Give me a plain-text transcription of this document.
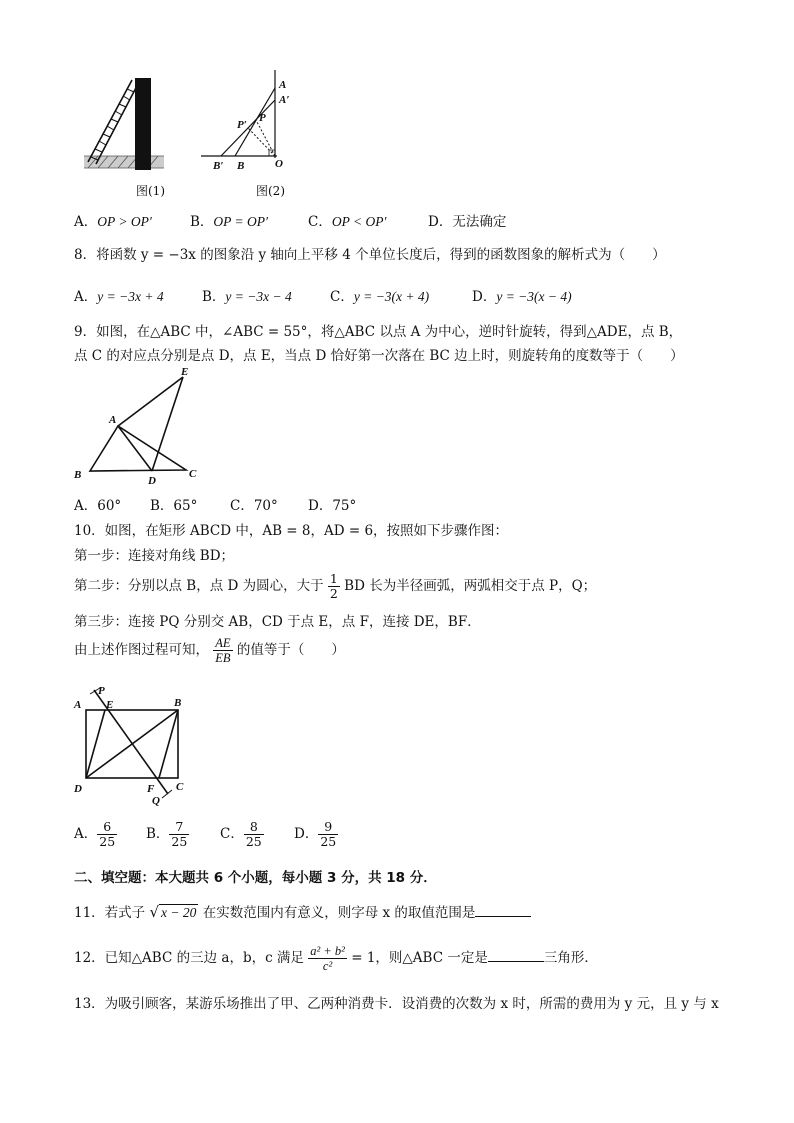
图(1)
A
A′
P
P′
B′ B	O
图(2)
A．OP > OP′	B．OP = OP′	C．OP < OP′	D．无法确定
8．将函数 y = −3x 的图象沿 y 轴向上平移 4 个单位长度后，得到的函数图象的解析式为（　　）
A．y = −3x + 4	B．y = −3x − 4	C．y = −3(x + 4)	D．y = −3(x − 4)
9．如图，在△ABC 中，∠ABC = 55°，将△ABC 以点 A 为中心，逆时针旋转，得到△ADE，点 B，
点 C 的对应点分别是点 D，点 E，当点 D 恰好第一次落在 BC 边上时，则旋转角的度数等于（　　）
A
B	C
D
E
A．60° B．65° C．70° D．75°
10．如图，在矩形 ABCD 中，AB = 8，AD = 6，按照如下步骤作图：
第一步：连接对角线 BD；
第二步：分别以点 B，点 D 为圆心，大于 $\frac{1}{2}$ BD 长为半径画弧，两弧相交于点 P，Q；
第三步：连接 PQ 分别交 AB，CD 于点 E，点 F，连接 DE，BF．
由上述作图过程可知， $\frac{AE}{EB}$ 的值等于（　　）
A
P
E	B
D	F C
Q
A． $\frac{6}{25}$ B． $\frac{7}{25}$ C． $\frac{8}{25}$ D． $\frac{9}{25}$
二、填空题：本大题共 6 个小题，每小题 3 分，共 18 分．
11．若式子 √ x − 20 在实数范围内有意义，则字母 x 的取值范围是
12．已知△ABC 的三边 a，b，c 满足 $\frac{\text{a² + b²}}{\text{c²}} = 1$，则△ABC 一定是	三角形．
13．为吸引顾客，某游乐场推出了甲、乙两种消费卡．设消费的次数为 x 时，所需的费用为 y 元，且 y 与 x
